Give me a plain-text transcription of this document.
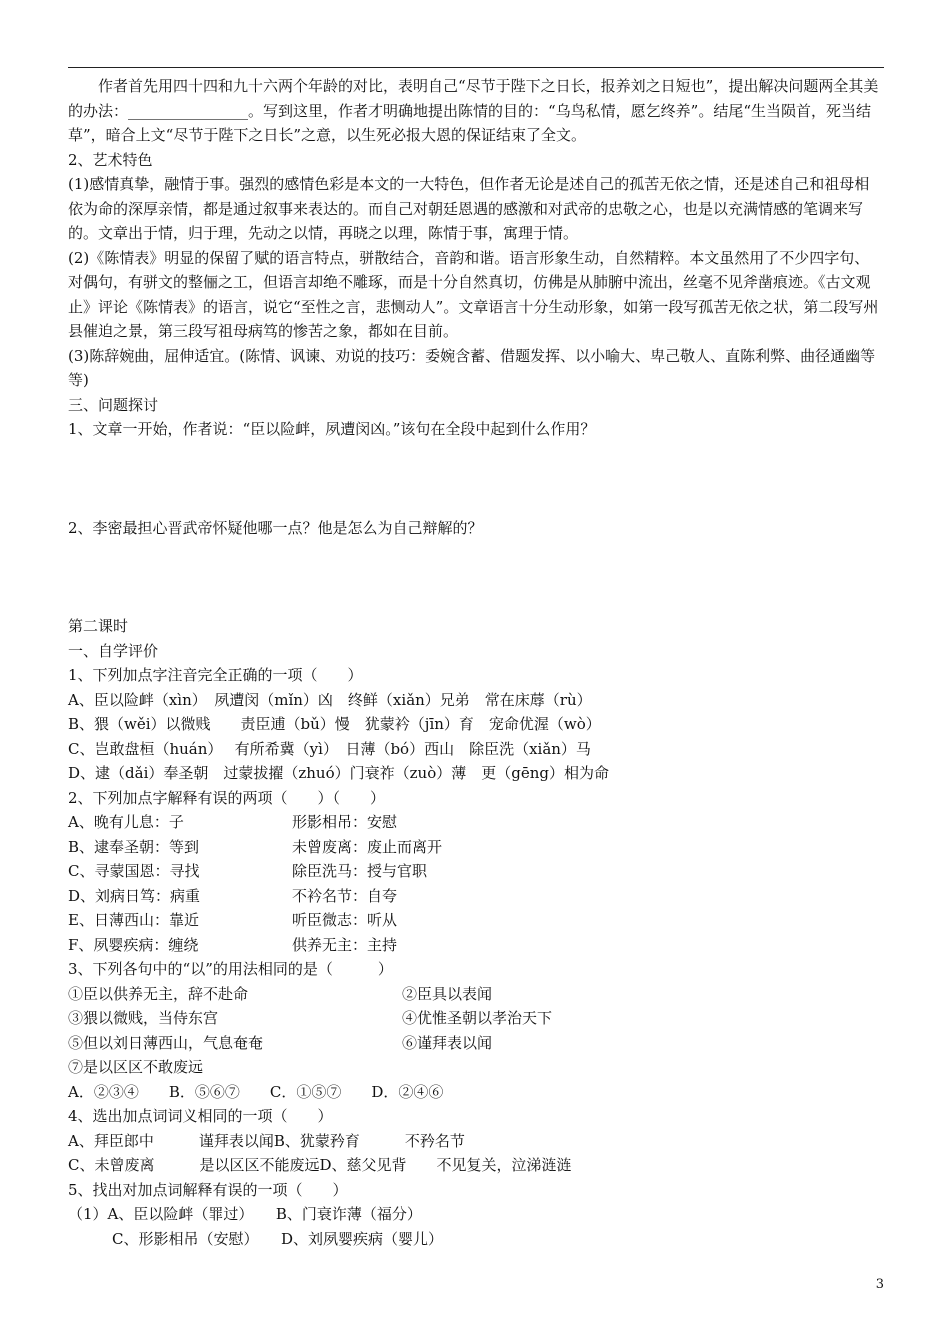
作者首先用四十四和九十六两个年龄的对比，表明自己“尽节于陛下之日长，报养刘之日短也”，提出解决问题两全其美的办法：________________。写到这里，作者才明确地提出陈情的目的：“乌鸟私情，愿乞终养”。结尾“生当陨首，死当结草”，暗合上文“尽节于陛下之日长”之意，以生死必报大恩的保证结束了全文。

2、艺术特色

(1)感情真挚，融情于事。强烈的感情色彩是本文的一大特色，但作者无论是述自己的孤苦无依之情，还是述自己和祖母相依为命的深厚亲情，都是通过叙事来表达的。而自己对朝廷恩遇的感激和对武帝的忠敬之心，也是以充满情感的笔调来写的。文章出于情，归于理，先动之以情，再晓之以理，陈情于事，寓理于情。

(2)《陈情表》明显的保留了赋的语言特点，骈散结合，音韵和谐。语言形象生动，自然精粹。本文虽然用了不少四字句、对偶句，有骈文的整俪之工，但语言却绝不雕琢，而是十分自然真切，仿佛是从肺腑中流出，丝毫不见斧凿痕迹。《古文观止》评论《陈情表》的语言，说它“至性之言，悲恻动人”。文章语言十分生动形象，如第一段写孤苦无依之状，第二段写州县催迫之景，第三段写祖母病笃的惨苦之象，都如在目前。

(3)陈辞婉曲，屈伸适宜。(陈情、讽谏、劝说的技巧：委婉含蓄、借题发挥、以小喻大、卑己敬人、直陈利弊、曲径通幽等等)

三、问题探讨

1、文章一开始，作者说：“臣以险衅，夙遭闵凶。”该句在全段中起到什么作用？

2、李密最担心晋武帝怀疑他哪一点？他是怎么为自己辩解的？

第二课时

一、自学评价

1、下列加点字注音完全正确的一项（　　）

A、臣以险衅（xìn）　夙遭闵（mǐn）凶　终鲜（xiǎn）兄弟　常在床蓐（rù）

B、猥（wěi）以微贱　　责臣逋（bǔ）慢　犹蒙衿（jīn）育　宠命优渥（wò）

C、岂敢盘桓（huán）　 有所希冀（yì）　日薄（bó）西山　除臣洗（xiǎn）马

D、逮（dǎi）奉圣朝　过蒙拔擢（zhuó）门衰祚（zuò）薄　更（gēng）相为命

2、下列加点字解释有误的两项（　　）（　　）

A、晚有儿息：子	形影相吊：安慰
B、逮奉圣朝：等到	未曾废离：废止而离开
C、寻蒙国恩：寻找	除臣洗马：授与官职
D、刘病日笃：病重	不衿名节：自夸
E、日薄西山：靠近	听臣微志：听从
F、夙婴疾病：缠绕	供养无主：主持

3、下列各句中的“以”的用法相同的是（　　　）

①臣以供养无主，辞不赴命	②臣具以表闻
③猥以微贱，当侍东宫	④优惟圣朝以孝治天下
⑤但以刘日薄西山，气息奄奄	⑥谨拜表以闻

⑦是以区区不敢废远

A．②③④　　B．⑤⑥⑦　　C．①⑤⑦　　D．②④⑥

4、选出加点词词义相同的一项（　　）

A、拜臣郎中　　　谨拜表以闻B、犹蒙矜育　　　不矜名节

C、未曾废离　　　是以区区不能废远D、慈父见背　　不见复关，泣涕涟涟

5、找出对加点词解释有误的一项（　　）

（1）A、臣以险衅（罪过）　　B、门衰诈薄（福分）

C、形影相吊（安慰）　　D、刘夙婴疾病（婴儿）

3
